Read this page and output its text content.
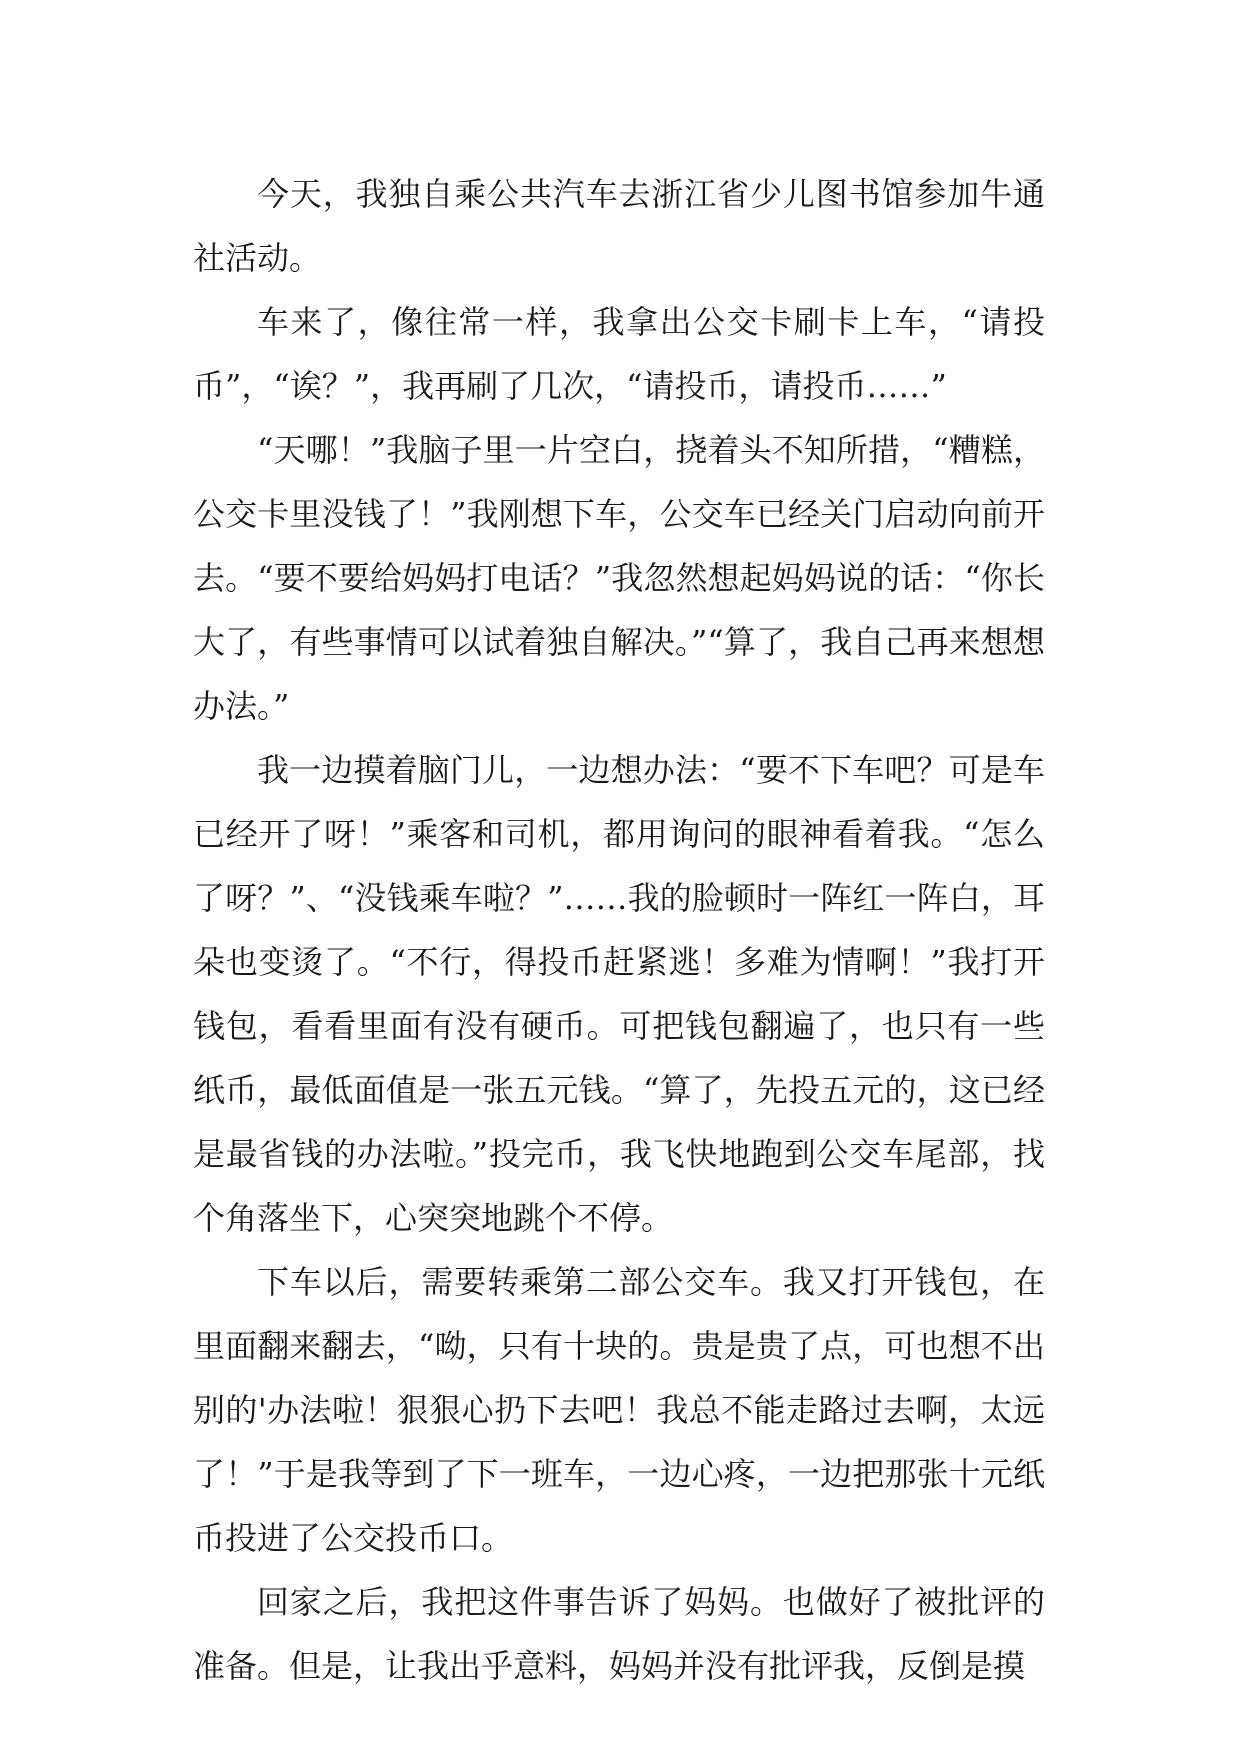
今天，我独自乘公共汽车去浙江省少儿图书馆参加牛通社活动。

车来了，像往常一样，我拿出公交卡刷卡上车，“请投币”，“诶？”，我再刷了几次，“请投币，请投币……”

“天哪！”我脑子里一片空白，挠着头不知所措，“糟糕，公交卡里没钱了！”我刚想下车，公交车已经关门启动向前开去。“要不要给妈妈打电话？”我忽然想起妈妈说的话：“你长大了，有些事情可以试着独自解决。”“算了，我自己再来想想办法。”

我一边摸着脑门儿，一边想办法：“要不下车吧？可是车已经开了呀！”乘客和司机，都用询问的眼神看着我。“怎么了呀？”、“没钱乘车啦？”……我的脸顿时一阵红一阵白，耳朵也变烫了。“不行，得投币赶紧逃！多难为情啊！”我打开钱包，看看里面有没有硬币。可把钱包翻遍了，也只有一些纸币，最低面值是一张五元钱。“算了，先投五元的，这已经是最省钱的办法啦。”投完币，我飞快地跑到公交车尾部，找个角落坐下，心突突地跳个不停。

下车以后，需要转乘第二部公交车。我又打开钱包，在里面翻来翻去，“呦，只有十块的。贵是贵了点，可也想不出别的'办法啦！狠狠心扔下去吧！我总不能走路过去啊，太远了！”于是我等到了下一班车，一边心疼，一边把那张十元纸币投进了公交投币口。

回家之后，我把这件事告诉了妈妈。也做好了被批评的准备。但是，让我出乎意料，妈妈并没有批评我，反倒是摸
